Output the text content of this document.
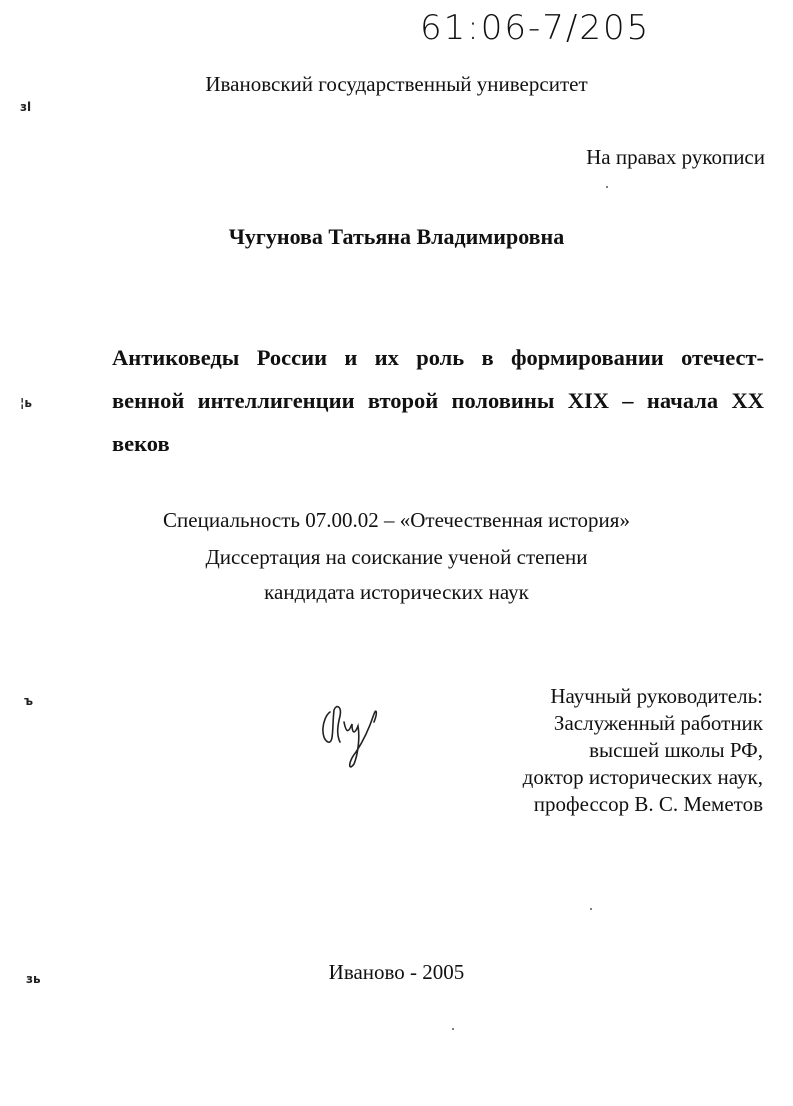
61:06-7/205
Ивановский государственный университет
На правах рукописи
Чугунова Татьяна Владимировна
Антиковеды России и их роль в формировании отечест-
венной интеллигенции второй половины XIX – начала XX
веков
Специальность 07.00.02 – «Отечественная история»
Диссертация на соискание ученой степени
кандидата исторических наук
Научный руководитель:
Заслуженный работник
высшей школы РФ,
доктор исторических наук,
профессор В. С. Меметов
Иваново - 2005
зl
¦ь
ъ
зь
